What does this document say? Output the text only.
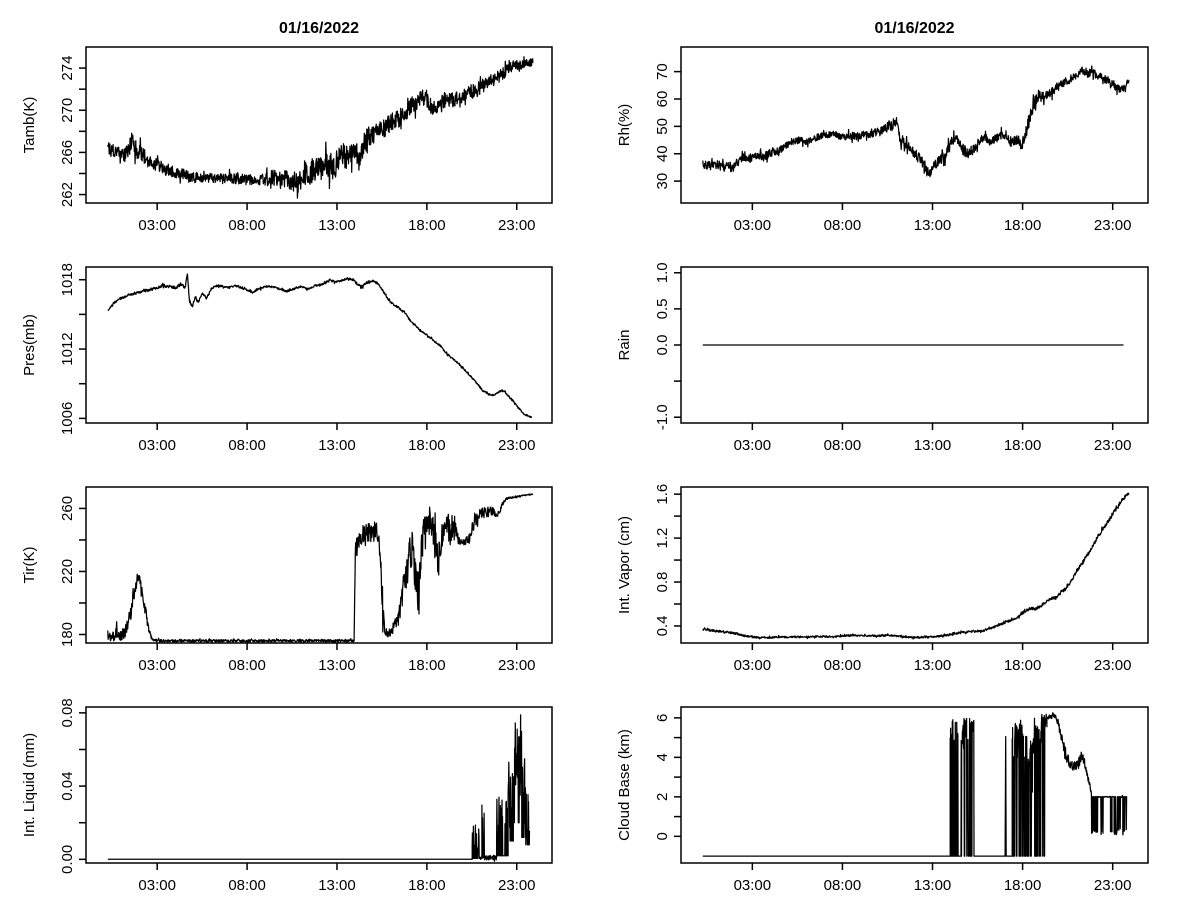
01/16/2022
Tamb(K)
262
266
270
274
03:00	08:00	13:00	18:00	23:00
01/16/2022
Rh(%)
30
40
50
60
70
03:00	08:00	13:00	18:00	23:00
Pres(mb)
1006
1012
1018
03:00	08:00	13:00	18:00	23:00
Rain
-1.0
0.0
0.5
1.0
03:00	08:00	13:00	18:00	23:00
Tir(K)
180
220
260
03:00	08:00	13:00	18:00	23:00
Int. Vapor (cm)
0.4
0.8
1.2
1.6
03:00	08:00	13:00	18:00	23:00
Int. Liquid (mm)
0.00
0.04
0.08
03:00	08:00	13:00	18:00	23:00
Cloud Base (km) 0
2
4
6
03:00	08:00	13:00	18:00	23:00
